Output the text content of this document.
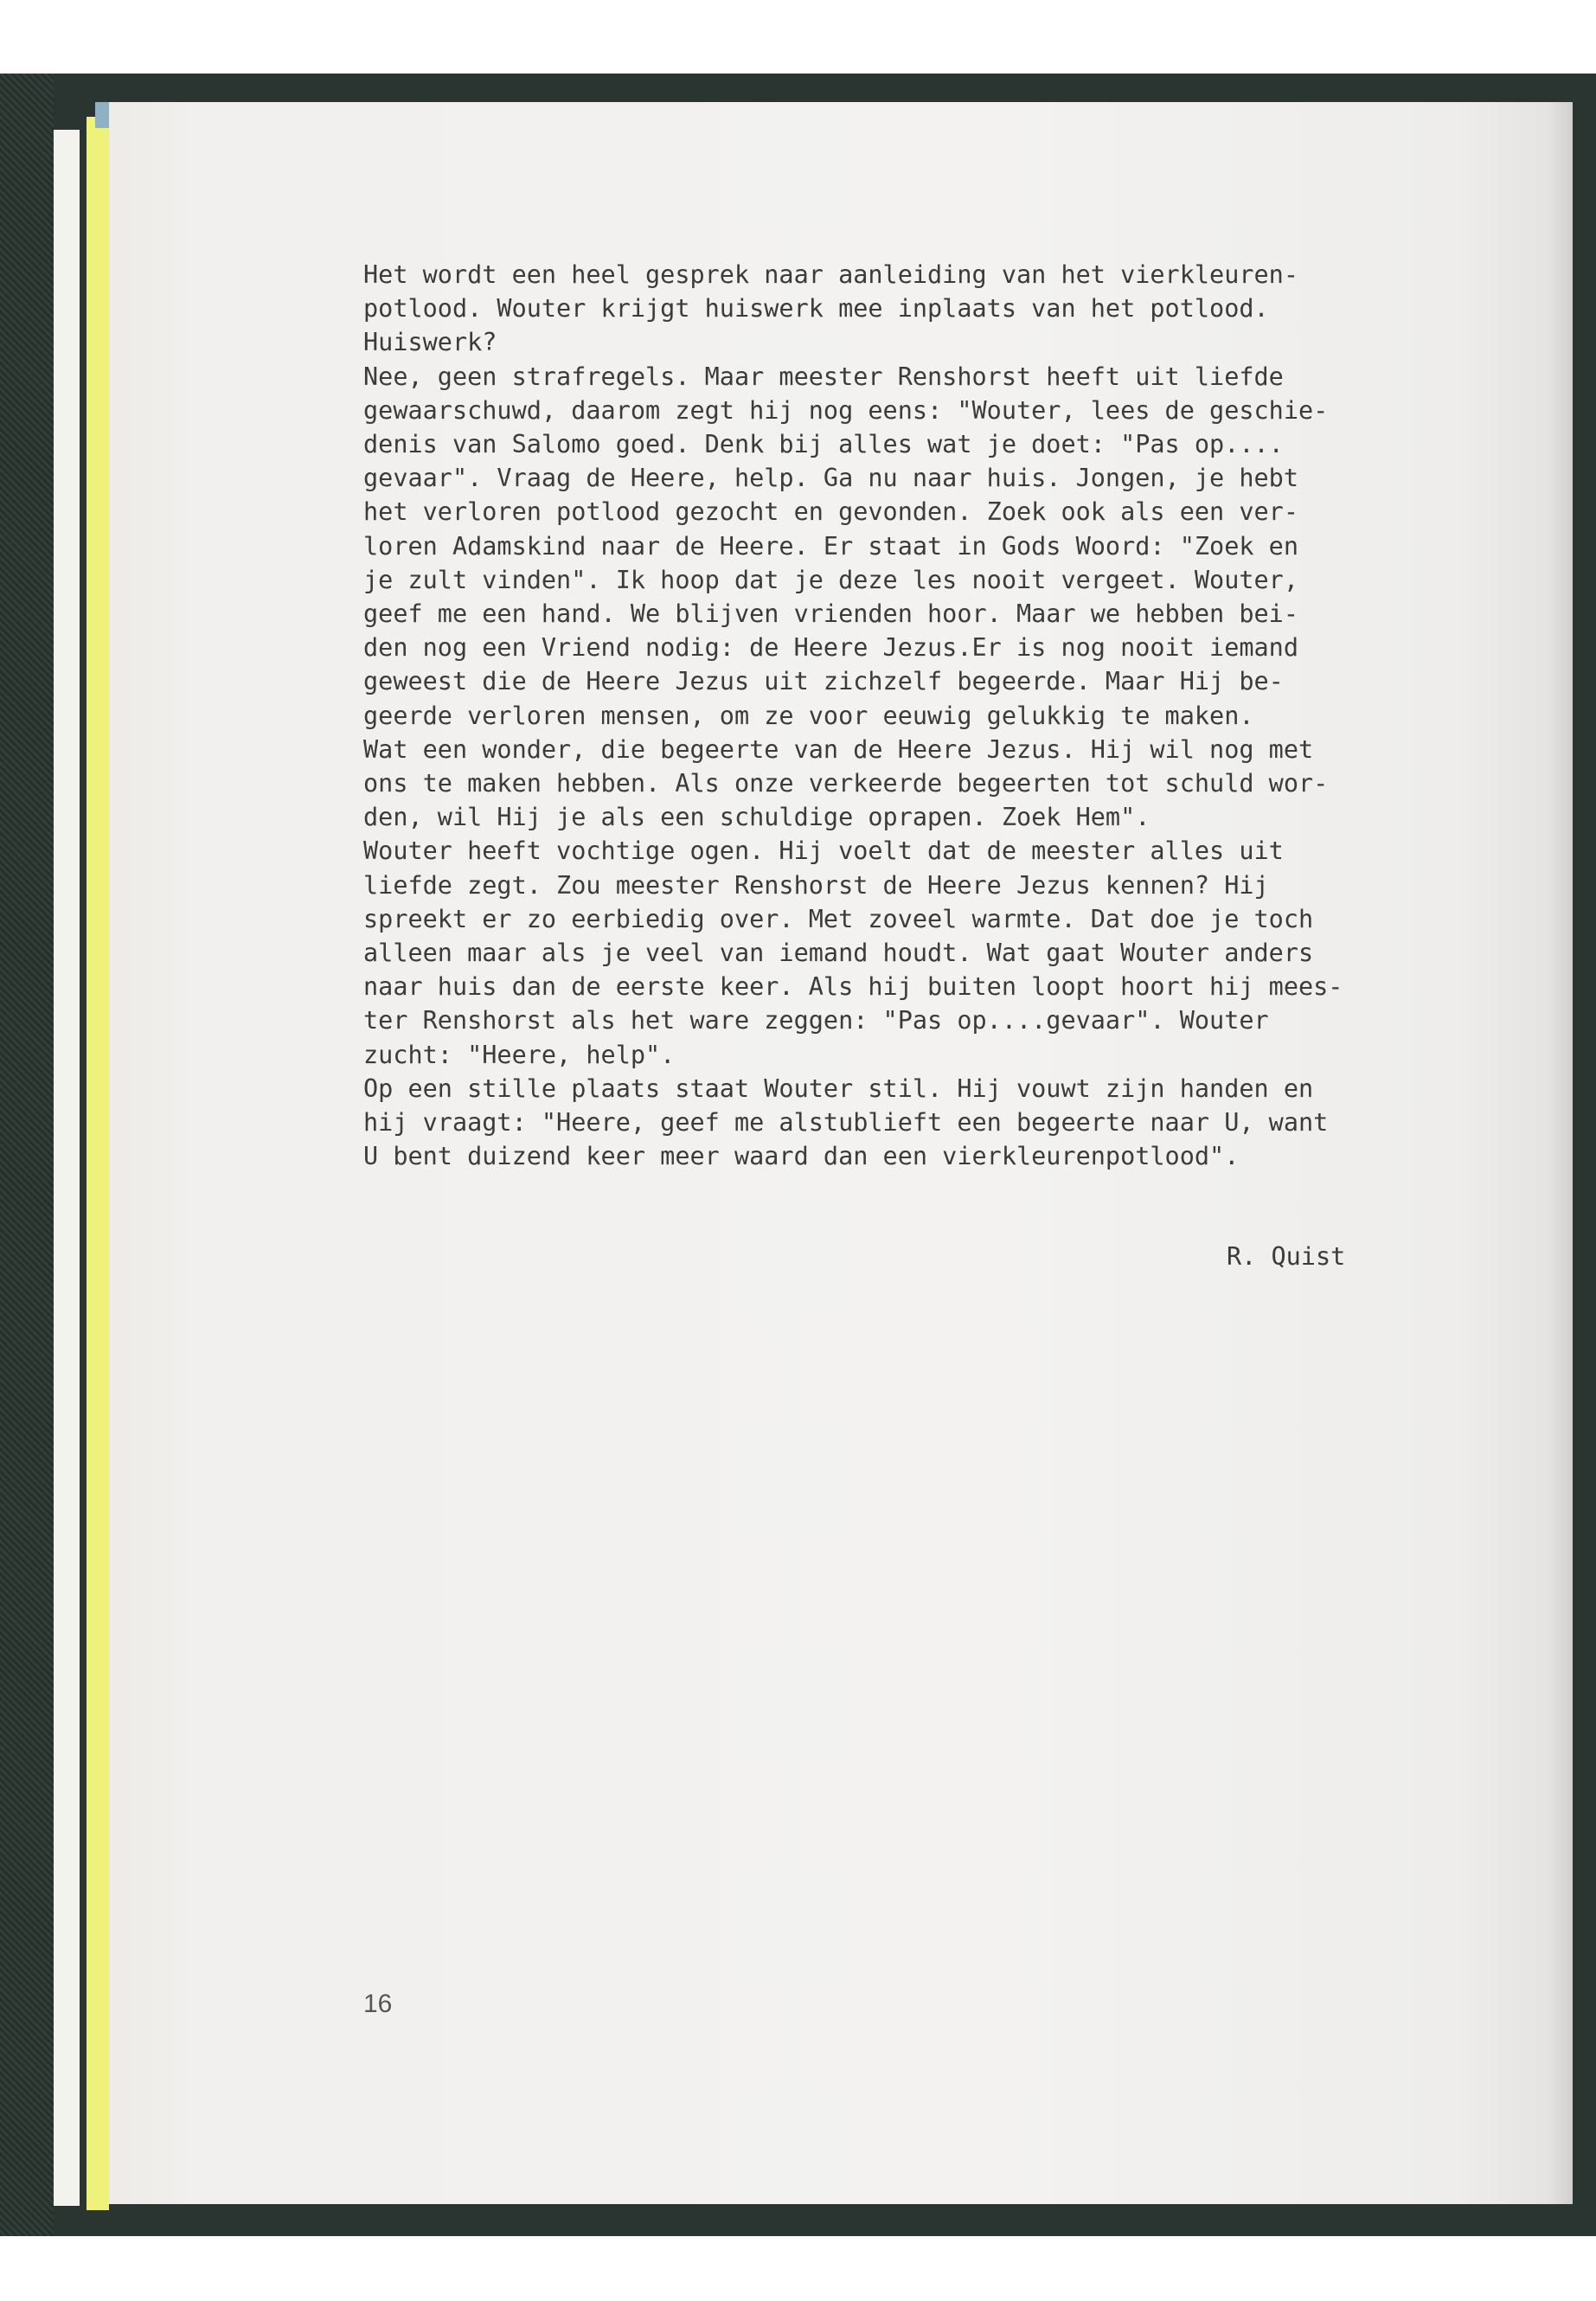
Het wordt een heel gesprek naar aanleiding van het vierkleuren-
potlood. Wouter krijgt huiswerk mee inplaats van het potlood.
Huiswerk?
Nee, geen strafregels. Maar meester Renshorst heeft uit liefde
gewaarschuwd, daarom zegt hij nog eens: "Wouter, lees de geschie-
denis van Salomo goed. Denk bij alles wat je doet: "Pas op....
gevaar". Vraag de Heere, help. Ga nu naar huis. Jongen, je hebt
het verloren potlood gezocht en gevonden. Zoek ook als een ver-
loren Adamskind naar de Heere. Er staat in Gods Woord: "Zoek en
je zult vinden". Ik hoop dat je deze les nooit vergeet. Wouter,
geef me een hand. We blijven vrienden hoor. Maar we hebben bei-
den nog een Vriend nodig: de Heere Jezus.Er is nog nooit iemand
geweest die de Heere Jezus uit zichzelf begeerde. Maar Hij be-
geerde verloren mensen, om ze voor eeuwig gelukkig te maken.
Wat een wonder, die begeerte van de Heere Jezus. Hij wil nog met
ons te maken hebben. Als onze verkeerde begeerten tot schuld wor-
den, wil Hij je als een schuldige oprapen. Zoek Hem".
Wouter heeft vochtige ogen. Hij voelt dat de meester alles uit
liefde zegt. Zou meester Renshorst de Heere Jezus kennen? Hij
spreekt er zo eerbiedig over. Met zoveel warmte. Dat doe je toch
alleen maar als je veel van iemand houdt. Wat gaat Wouter anders
naar huis dan de eerste keer. Als hij buiten loopt hoort hij mees-
ter Renshorst als het ware zeggen: "Pas op....gevaar". Wouter
zucht: "Heere, help".
Op een stille plaats staat Wouter stil. Hij vouwt zijn handen en
hij vraagt: "Heere, geef me alstublieft een begeerte naar U, want
U bent duizend keer meer waard dan een vierkleurenpotlood".
R. Quist
16
